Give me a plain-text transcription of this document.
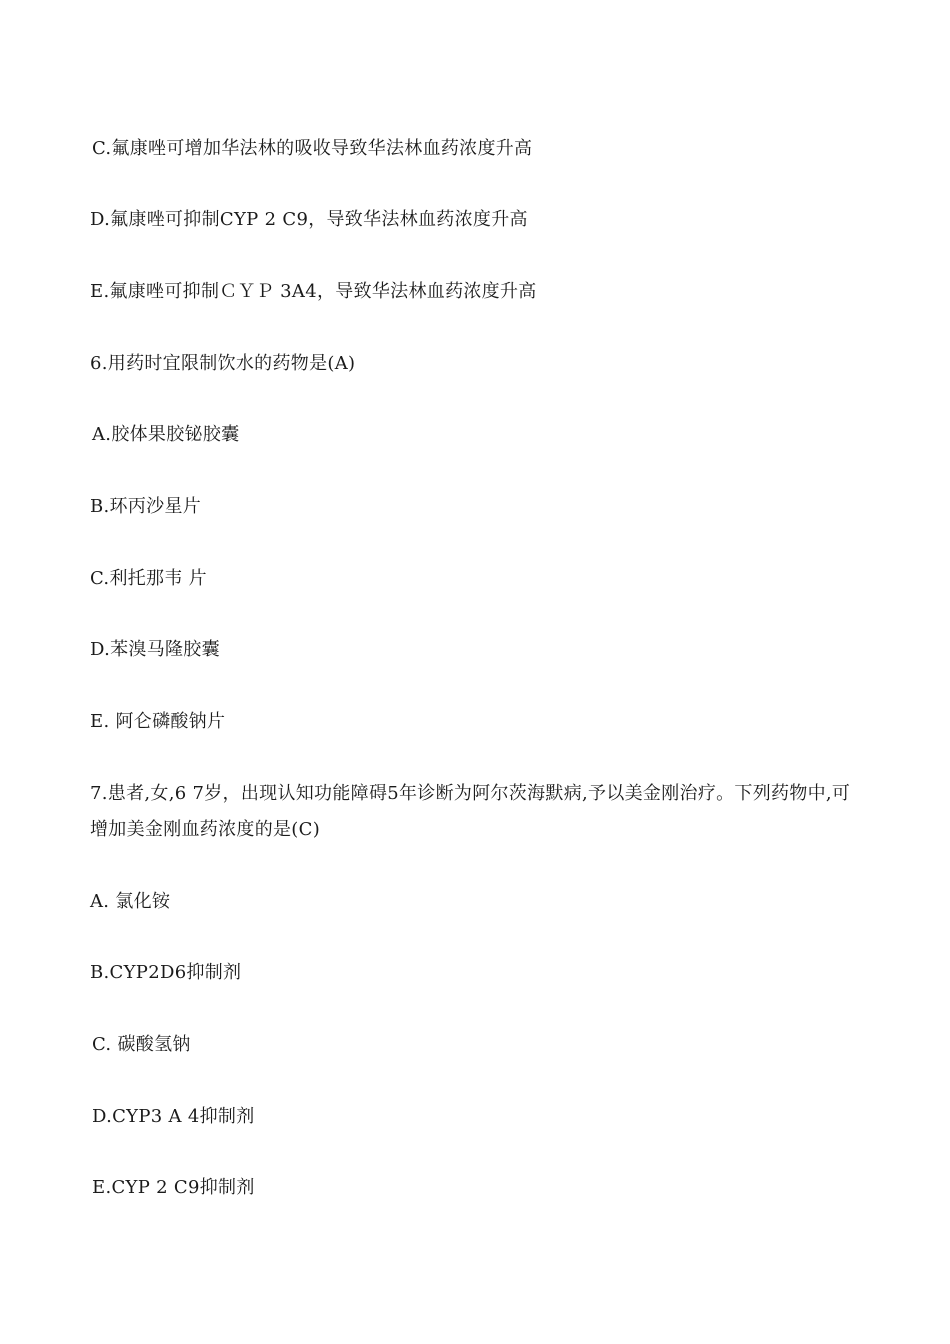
C.氟康唑可增加华法林的吸收导致华法林血药浓度升高
D.氟康唑可抑制CYP 2 C9，导致华法林血药浓度升高
E.氟康唑可抑制ＣＹＰ 3A4，导致华法林血药浓度升高
6.用药时宜限制饮水的药物是(A)
A.胶体果胶铋胶囊
B.环丙沙星片
C.利托那韦 片
D.苯溴马隆胶囊
E. 阿仑磷酸钠片
7.患者,女,6 7岁，出现认知功能障碍5年诊断为阿尔茨海默病,予以美金刚治疗。下列药物中,可增加美金刚血药浓度的是(C)
A. 氯化铵
B.CYP2D6抑制剂
C. 碳酸氢钠
D.CYP3 A 4抑制剂
E.CYP 2 C9抑制剂
